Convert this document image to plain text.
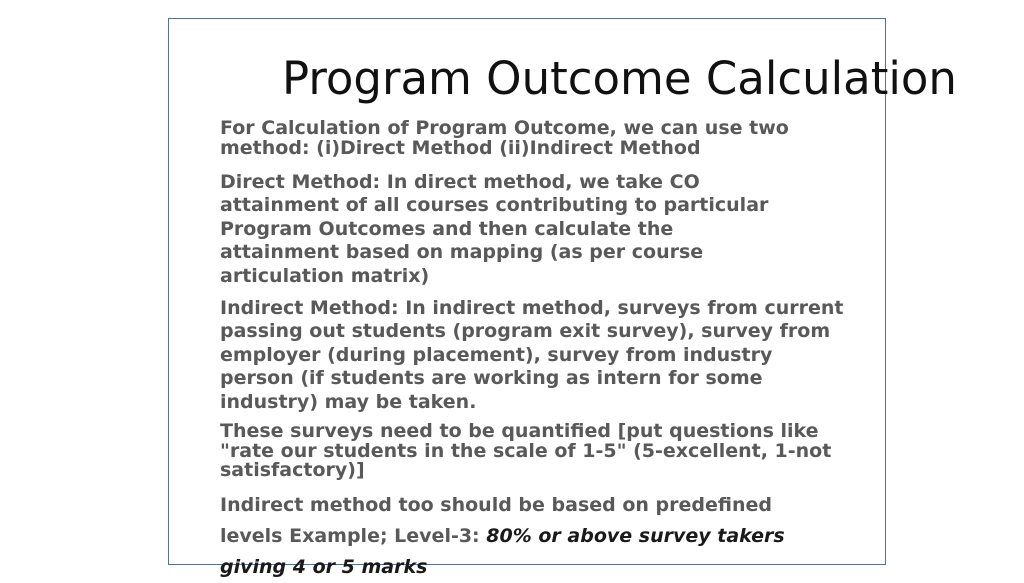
Program Outcome Calculation
For Calculation of Program Outcome, we can use two
method: (i)Direct Method (ii)Indirect Method
Direct Method: In direct method, we take CO
attainment of all courses contributing to particular
Program Outcomes and then calculate the
attainment based on mapping (as per course
articulation matrix)
Indirect Method: In indirect method, surveys from current
passing out students (program exit survey), survey from
employer (during placement), survey from industry
person (if students are working as intern for some
industry) may be taken.
These surveys need to be quantified [put questions like
"rate our students in the scale of 1-5" (5-excellent, 1-not
satisfactory)]
Indirect method too should be based on predefined
levels Example; Level-3: 80% or above survey takers
giving 4 or 5 marks
